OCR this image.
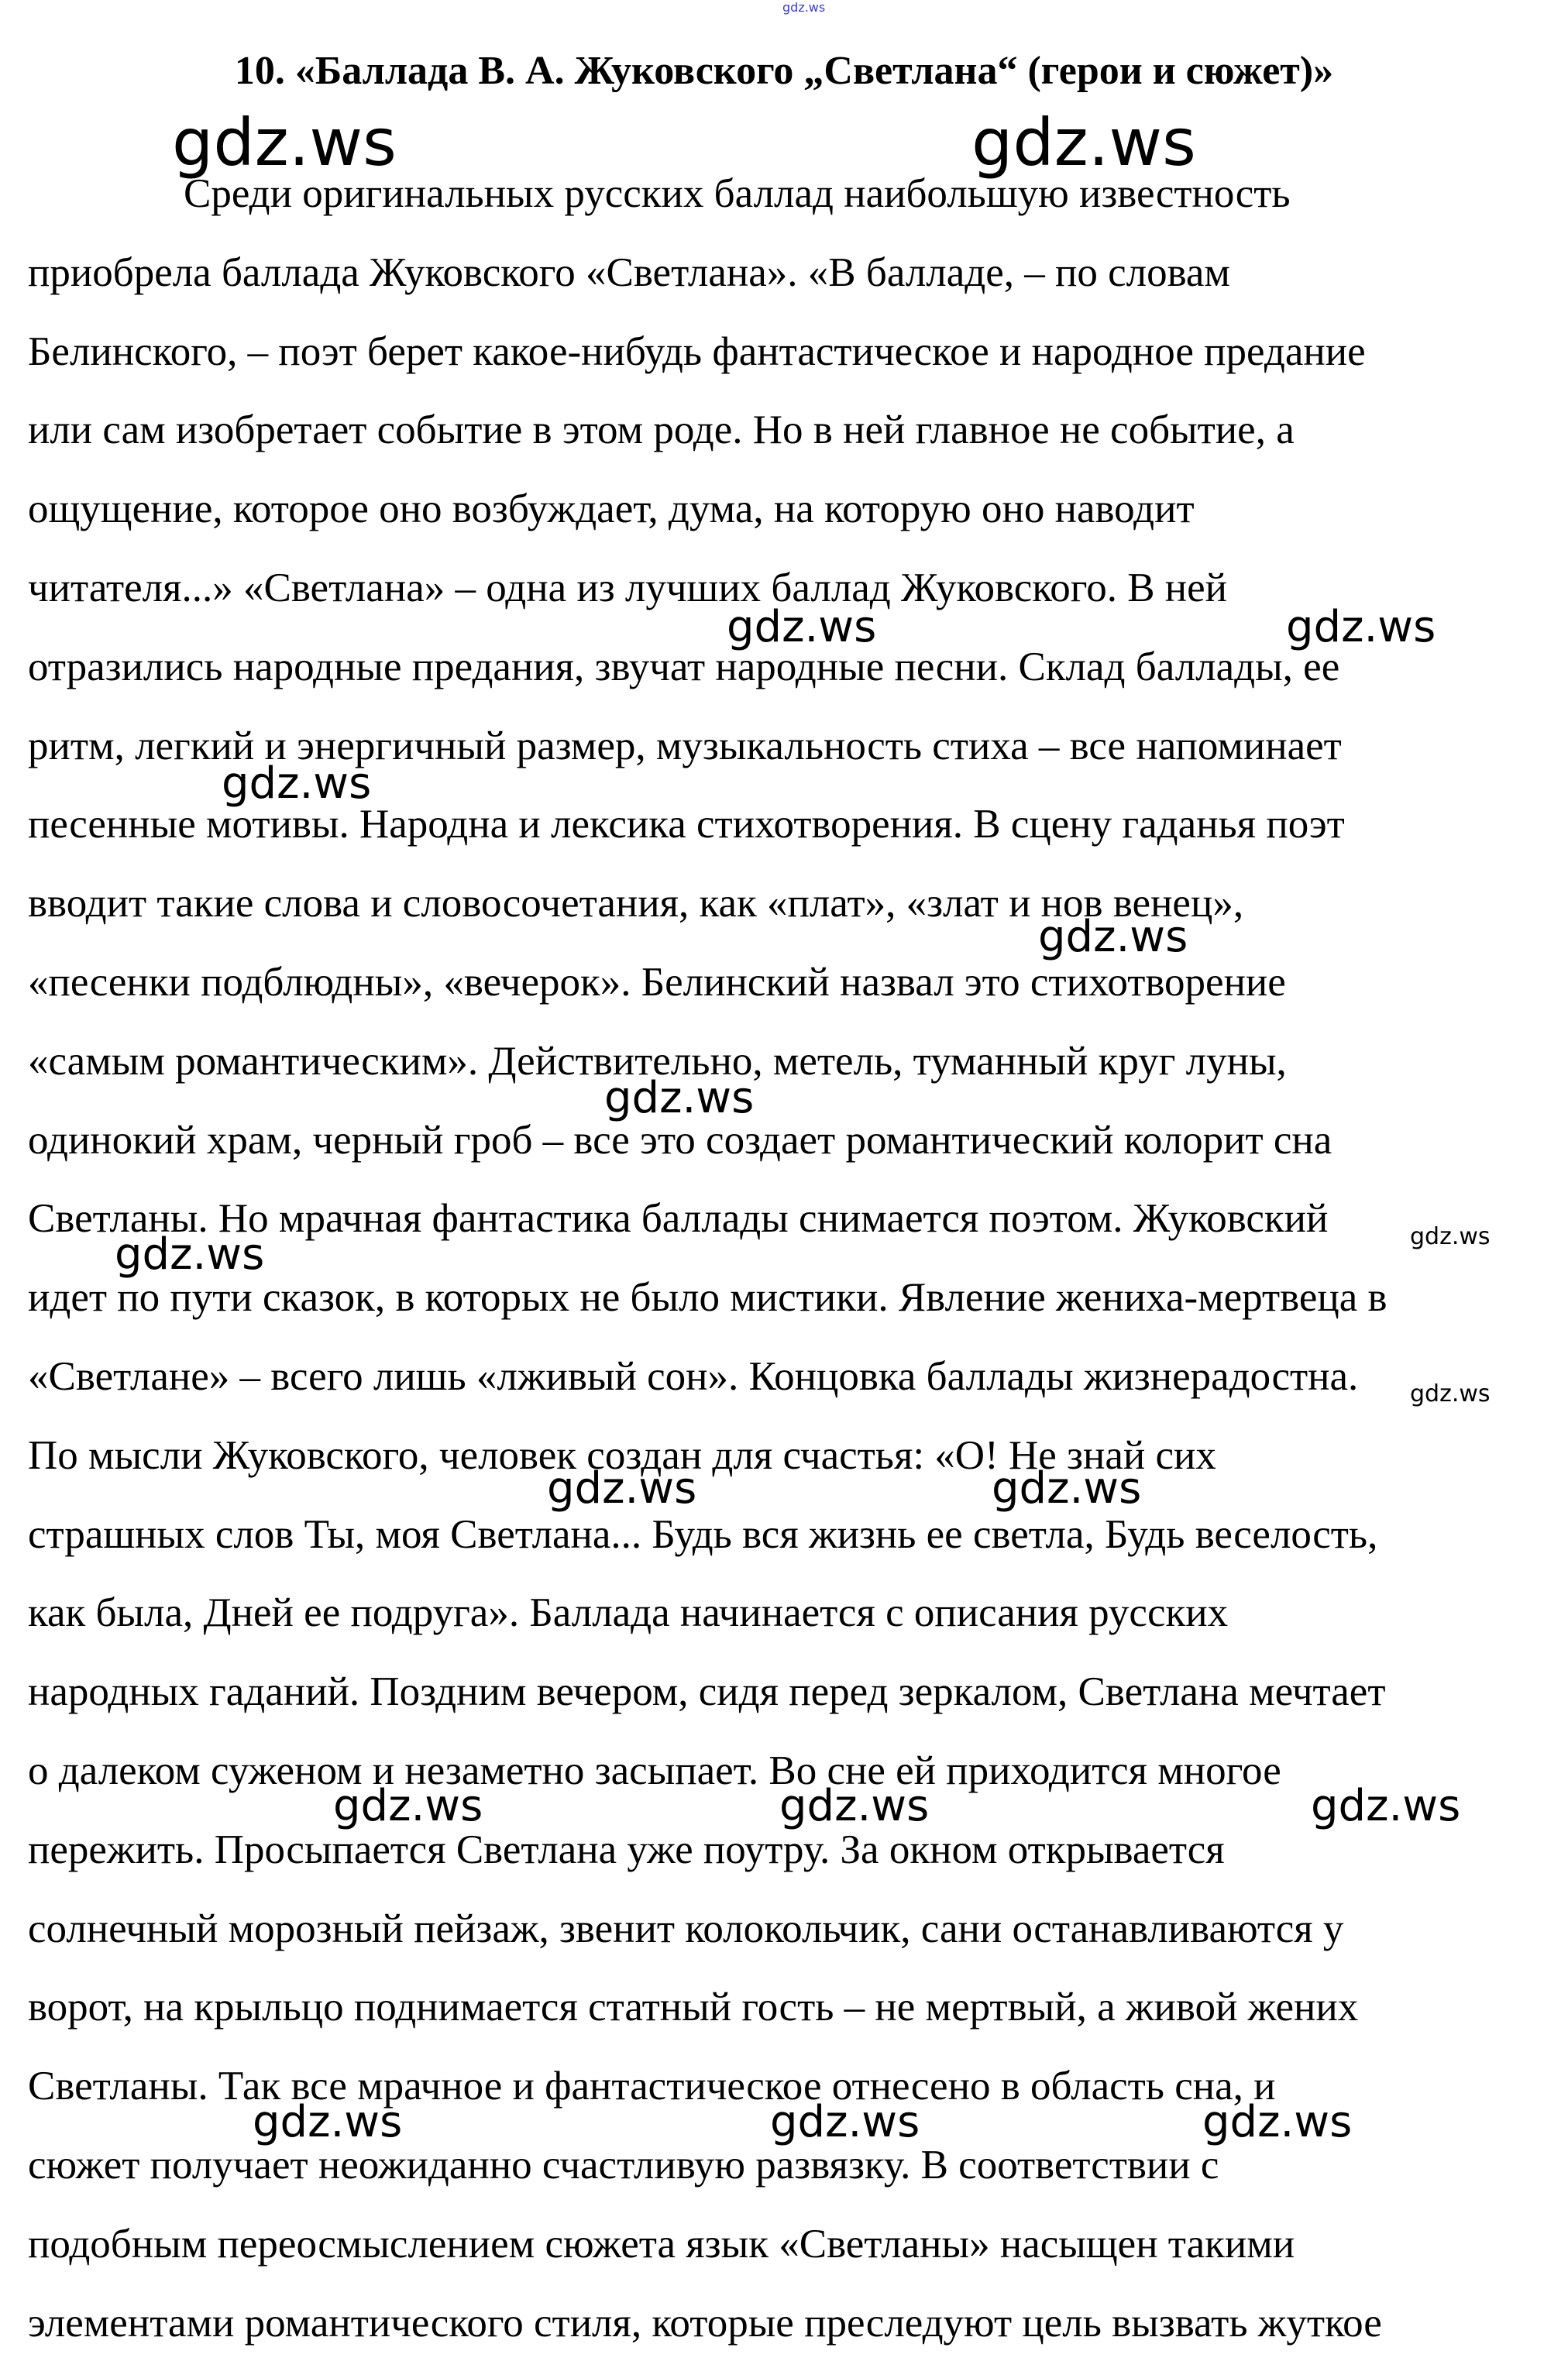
gdz.ws
10. «Баллада В. А. Жуковского „Светлана“ (герои и сюжет)»
Среди оригинальных русских баллад наибольшую известность
приобрела баллада Жуковского «Светлана». «В балладе, – по словам
Белинского, – поэт берет какое-нибудь фантастическое и народное предание
или сам изобретает событие в этом роде. Но в ней главное не событие, а
ощущение, которое оно возбуждает, дума, на которую оно наводит
читателя...» «Светлана» – одна из лучших баллад Жуковского. В ней
отразились народные предания, звучат народные песни. Склад баллады, ее
ритм, легкий и энергичный размер, музыкальность стиха – все напоминает
песенные мотивы. Народна и лексика стихотворения. В сцену гаданья поэт
вводит такие слова и словосочетания, как «плат», «злат и нов венец»,
«песенки подблюдны», «вечерок». Белинский назвал это стихотворение
«самым романтическим». Действительно, метель, туманный круг луны,
одинокий храм, черный гроб – все это создает романтический колорит сна
Светланы. Но мрачная фантастика баллады снимается поэтом. Жуковский
идет по пути сказок, в которых не было мистики. Явление жениха-мертвеца в
«Светлане» – всего лишь «лживый сон». Концовка баллады жизнерадостна.
По мысли Жуковского, человек создан для счастья: «О! Не знай сих
страшных слов Ты, моя Светлана... Будь вся жизнь ее светла, Будь веселость,
как была, Дней ее подруга». Баллада начинается с описания русских
народных гаданий. Поздним вечером, сидя перед зеркалом, Светлана мечтает
о далеком суженом и незаметно засыпает. Во сне ей приходится многое
пережить. Просыпается Светлана уже поутру. За окном открывается
солнечный морозный пейзаж, звенит колокольчик, сани останавливаются у
ворот, на крыльцо поднимается статный гость – не мертвый, а живой жених
Светланы. Так все мрачное и фантастическое отнесено в область сна, и
сюжет получает неожиданно счастливую развязку. В соответствии с
подобным переосмыслением сюжета язык «Светланы» насыщен такими
элементами романтического стиля, которые преследуют цель вызвать жуткое
gdz.ws	gdz.ws
gdz.ws	gdz.ws
gdz.ws
gdz.ws
gdz.ws
gdz.ws	gdz.ws
gdz.ws
gdz.ws	gdz.ws
gdz.ws	gdz.ws	gdz.ws
gdz.ws	gdz.ws	gdz.ws
